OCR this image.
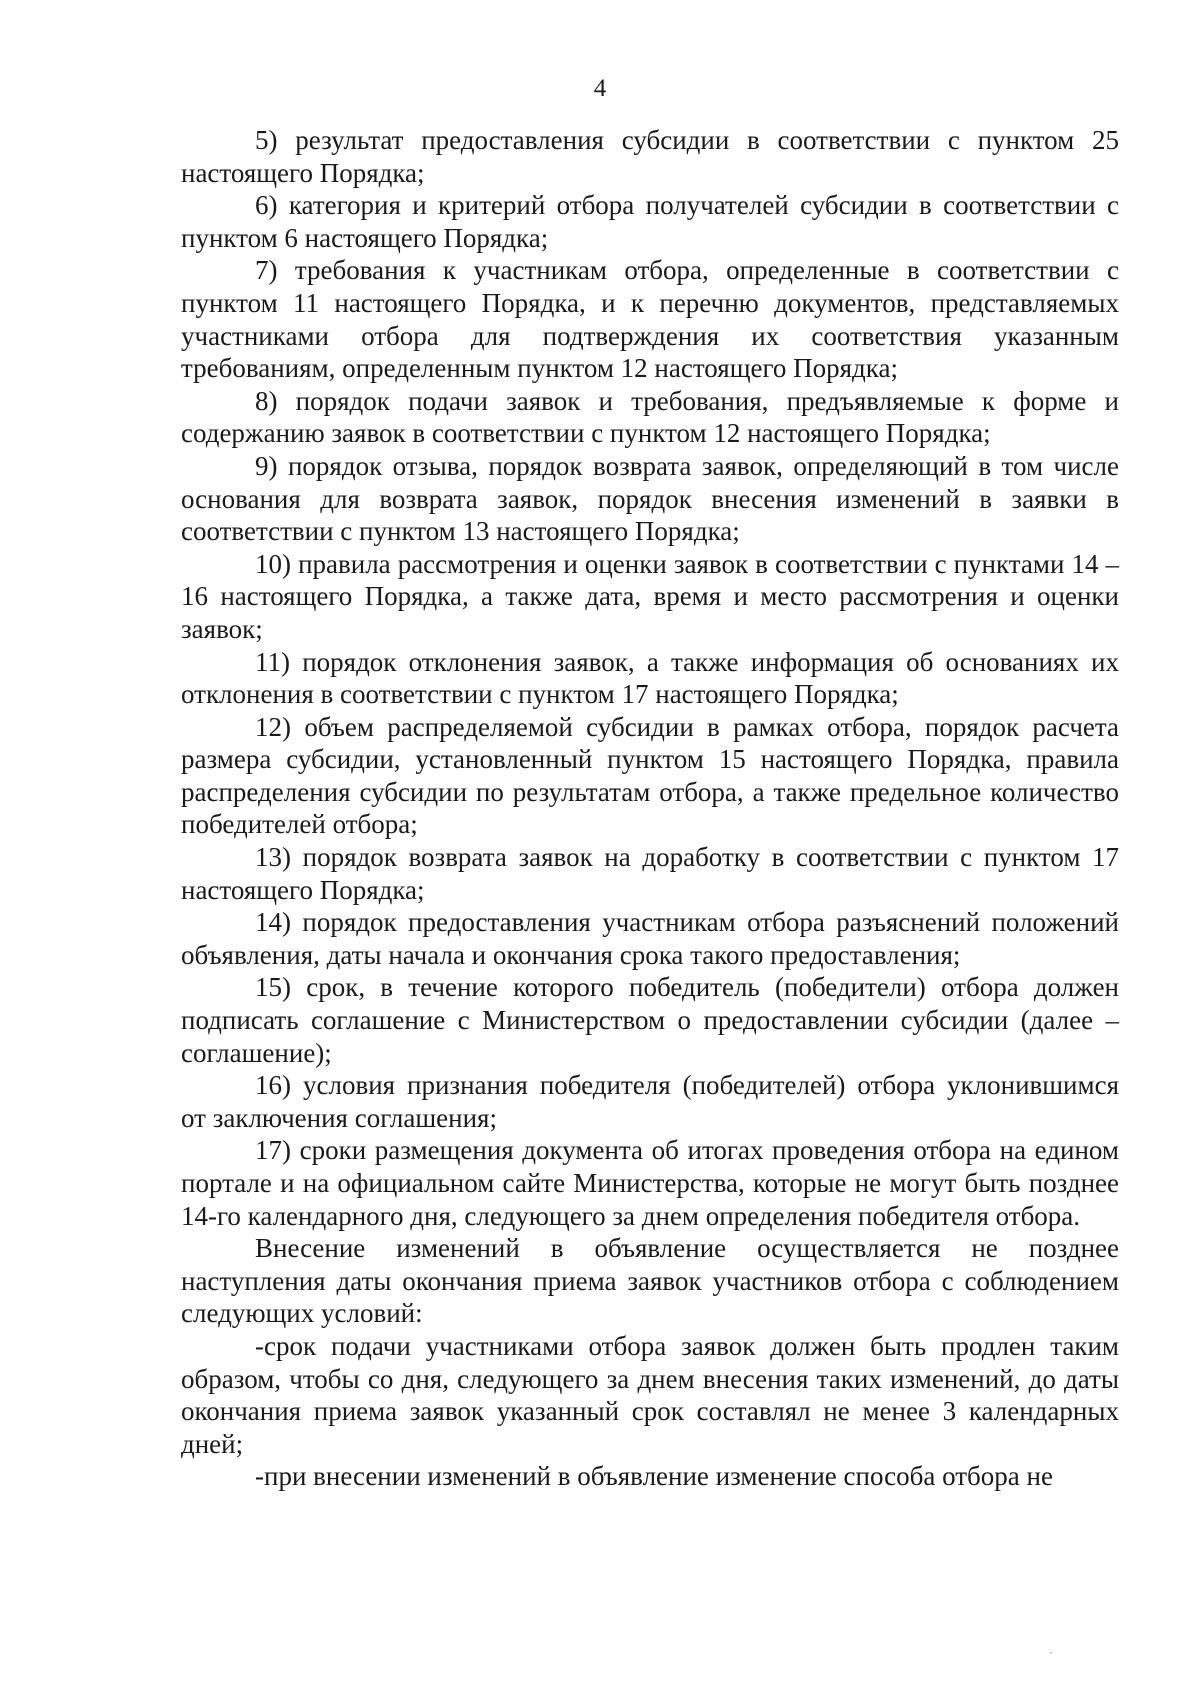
4

5) результат предоставления субсидии в соответствии с пунктом 25 настоящего Порядка;

6) категория и критерий отбора получателей субсидии в соответствии с пунктом 6 настоящего Порядка;

7) требования к участникам отбора, определенные в соответствии с пунктом 11 настоящего Порядка, и к перечню документов, представляемых участниками отбора для подтверждения их соответствия указанным требованиям, определенным пунктом 12 настоящего Порядка;

8) порядок подачи заявок и требования, предъявляемые к форме и содержанию заявок в соответствии с пунктом 12 настоящего Порядка;

9) порядок отзыва, порядок возврата заявок, определяющий в том числе основания для возврата заявок, порядок внесения изменений в заявки в соответствии с пунктом 13 настоящего Порядка;

10) правила рассмотрения и оценки заявок в соответствии с пунктами 14 – 16 настоящего Порядка, а также дата, время и место рассмотрения и оценки заявок;

11) порядок отклонения заявок, а также информация об основаниях их отклонения в соответствии с пунктом 17 настоящего Порядка;

12) объем распределяемой субсидии в рамках отбора, порядок расчета размера субсидии, установленный пунктом 15 настоящего Порядка, правила распределения субсидии по результатам отбора, а также предельное количество победителей отбора;

13) порядок возврата заявок на доработку в соответствии с пунктом 17 настоящего Порядка;

14) порядок предоставления участникам отбора разъяснений положений объявления, даты начала и окончания срока такого предоставления;

15) срок, в течение которого победитель (победители) отбора должен подписать соглашение с Министерством о предоставлении субсидии (далее – соглашение);

16) условия признания победителя (победителей) отбора уклонившимся от заключения соглашения;

17) сроки размещения документа об итогах проведения отбора на едином портале и на официальном сайте Министерства, которые не могут быть позднее 14-го календарного дня, следующего за днем определения победителя отбора.

Внесение изменений в объявление осуществляется не позднее наступления даты окончания приема заявок участников отбора с соблюдением следующих условий:

-срок подачи участниками отбора заявок должен быть продлен таким образом, чтобы со дня, следующего за днем внесения таких изменений, до даты окончания приема заявок указанный срок составлял не менее 3 календарных дней;

-при внесении изменений в объявление изменение способа отбора не
